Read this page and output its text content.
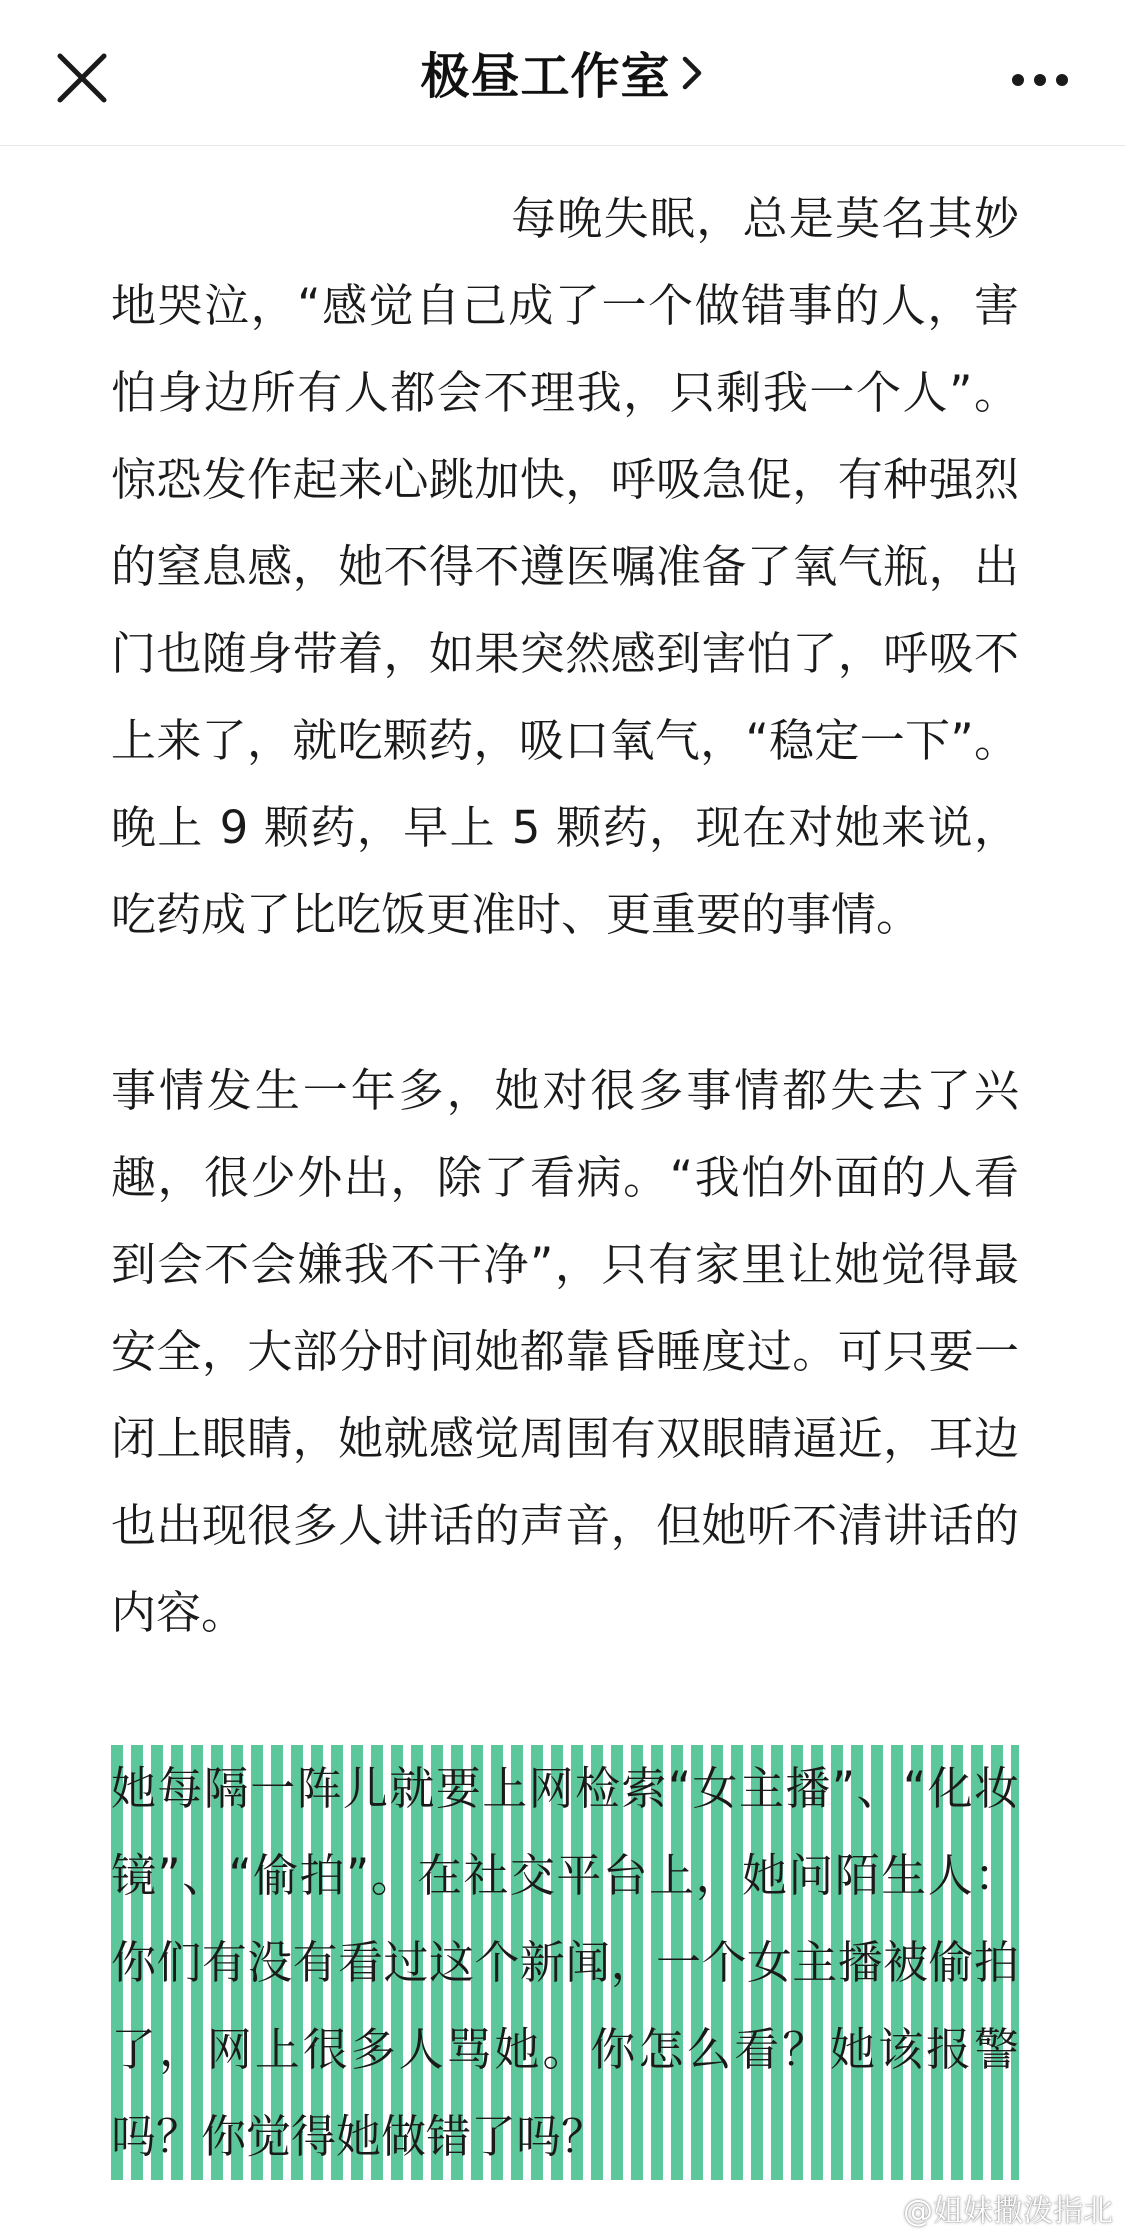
极昼工作室

每晚失眠，总是莫名其妙地哭泣，“感觉自己成了一个做错事的人，害怕身边所有人都会不理我，只剩我一个人”。惊恐发作起来心跳加快，呼吸急促，有种强烈的窒息感，她不得不遵医嘱准备了氧气瓶，出门也随身带着，如果突然感到害怕了，呼吸不上来了，就吃颗药，吸口氧气，“稳定一下”。晚上 9 颗药，早上 5 颗药，现在对她来说，吃药成了比吃饭更准时、更重要的事情。

事情发生一年多，她对很多事情都失去了兴趣，很少外出，除了看病。“我怕外面的人看到会不会嫌我不干净”，只有家里让她觉得最安全，大部分时间她都靠昏睡度过。可只要一闭上眼睛，她就感觉周围有双眼睛逼近，耳边也出现很多人讲话的声音，但她听不清讲话的内容。

她每隔一阵儿就要上网检索“女主播”、“化妆镜”、“偷拍”。在社交平台上，她问陌生人：你们有没有看过这个新闻，一个女主播被偷拍了，网上很多人骂她。你怎么看？她该报警吗？你觉得她做错了吗？

@姐妹撒泼指北
